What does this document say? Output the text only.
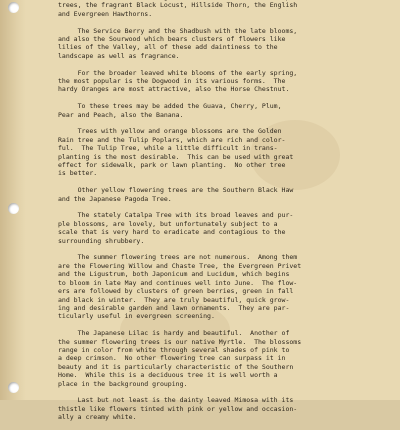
trees, the fragrant Black Locust, Hillside Thorn, the English
and Evergreen Hawthorns.

The Service Berry and the Shadbush with the late blooms,
and also the Sourwood which bears clusters of flowers like
lilies of the Valley, all of these add daintiness to the
landscape as well as fragrance.

For the broader leaved white blooms of the early spring,
the most popular is the Dogwood in its various forms.  The
hardy Oranges are most attractive, also the Horse Chestnut.

To these trees may be added the Guava, Cherry, Plum,
Pear and Peach, also the Banana.

Trees with yellow and orange blossoms are the Golden
Rain tree and the Tulip Poplars, which are rich and color-
ful.  The Tulip Tree, while a little difficult in trans-
planting is the most desirable.  This can be used with great
effect for sidewalk, park or lawn planting.  No other tree
is better.

Other yellow flowering trees are the Southern Black Haw
and the Japanese Pagoda Tree.

The stately Catalpa Tree with its broad leaves and pur-
ple blossoms, are lovely, but unfortunately subject to a
scale that is very hard to eradicate and contagious to the
surrounding shrubbery.

The summer flowering trees are not numerous.  Among them
are the Flowering Willow and Chaste Tree, the Evergreen Privet
and the Ligustrum, both Japonicum and Lucidum, which begins
to bloom in late May and continues well into June.  The flow-
ers are followed by clusters of green berries, green in fall
and black in winter.  They are truly beautiful, quick grow-
ing and desirable garden and lawn ornaments.  They are par-
ticularly useful in evergreen screening.

The Japanese Lilac is hardy and beautiful.  Another of
the summer flowering trees is our native Myrtle.  The blossoms
range in color from white through several shades of pink to
a deep crimson.  No other flowering tree can surpass it in
beauty and it is particularly characteristic of the Southern
Home.  While this is a deciduous tree it is well worth a
place in the background grouping.

Last but not least is the dainty leaved Mimosa with its
thistle like flowers tinted with pink or yellow and occasion-
ally a creamy white.
